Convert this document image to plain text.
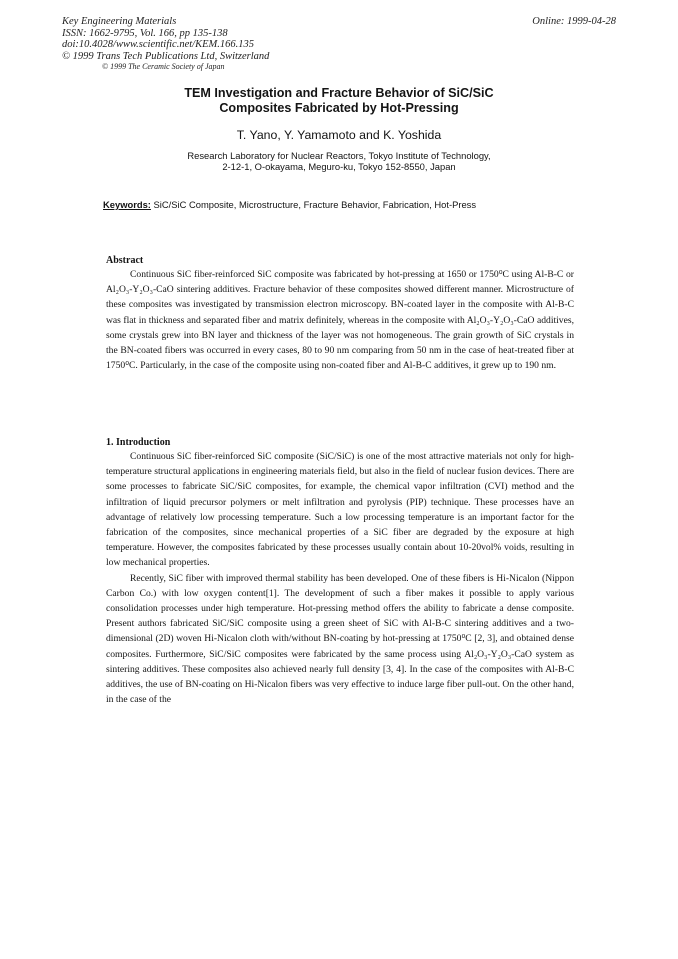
Key Engineering Materials
ISSN: 1662-9795, Vol. 166, pp 135-138
doi:10.4028/www.scientific.net/KEM.166.135
© 1999 Trans Tech Publications Ltd, Switzerland
© 1999 The Ceramic Society of Japan
Online: 1999-04-28
TEM Investigation and Fracture Behavior of SiC/SiC
Composites Fabricated by Hot-Pressing
T. Yano, Y. Yamamoto and K. Yoshida
Research Laboratory for Nuclear Reactors, Tokyo Institute of Technology,
2-12-1, O-okayama, Meguro-ku, Tokyo 152-8550, Japan
Keywords: SiC/SiC Composite, Microstructure, Fracture Behavior, Fabrication, Hot-Press
Abstract

Continuous SiC fiber-reinforced SiC composite was fabricated by hot-pressing at 1650 or 1750⁰C using Al-B-C or Al₂O₃-Y₂O₃-CaO sintering additives. Fracture behavior of these composites showed different manner. Microstructure of these composites was investigated by transmission electron microscopy. BN-coated layer in the composite with Al-B-C was flat in thickness and separated fiber and matrix definitely, whereas in the composite with Al₂O₃-Y₂O₃-CaO additives, some crystals grew into BN layer and thickness of the layer was not homogeneous. The grain growth of SiC crystals in the BN-coated fibers was occurred in every cases, 80 to 90 nm comparing from 50 nm in the case of heat-treated fiber at 1750⁰C. Particularly, in the case of the composite using non-coated fiber and Al-B-C additives, it grew up to 190 nm.

1. Introduction

Continuous SiC fiber-reinforced SiC composite (SiC/SiC) is one of the most attractive materials not only for high-temperature structural applications in engineering materials field, but also in the field of nuclear fusion devices. There are some processes to fabricate SiC/SiC composites, for example, the chemical vapor infiltration (CVI) method and the infiltration of liquid precursor polymers or melt infiltration and pyrolysis (PIP) technique. These processes have an advantage of relatively low processing temperature. Such a low processing temperature is an important factor for the fabrication of the composites, since mechanical properties of a SiC fiber are degraded by the exposure at high temperature. However, the composites fabricated by these processes usually contain about 10-20vol% voids, resulting in low mechanical properties.

Recently, SiC fiber with improved thermal stability has been developed. One of these fibers is Hi-Nicalon (Nippon Carbon Co.) with low oxygen content[1]. The development of such a fiber makes it possible to apply various consolidation processes under high temperature. Hot-pressing method offers the ability to fabricate a dense composite. Present authors fabricated SiC/SiC composite using a green sheet of SiC with Al-B-C sintering additives and a two-dimensional (2D) woven Hi-Nicalon cloth with/without BN-coating by hot-pressing at 1750⁰C [2, 3], and obtained dense composites. Furthermore, SiC/SiC composites were fabricated by the same process using Al₂O₃-Y₂O₃-CaO system as sintering additives. These composites also achieved nearly full density [3, 4]. In the case of the composites with Al-B-C additives, the use of BN-coating on Hi-Nicalon fibers was very effective to induce large fiber pull-out. On the other hand, in the case of the
